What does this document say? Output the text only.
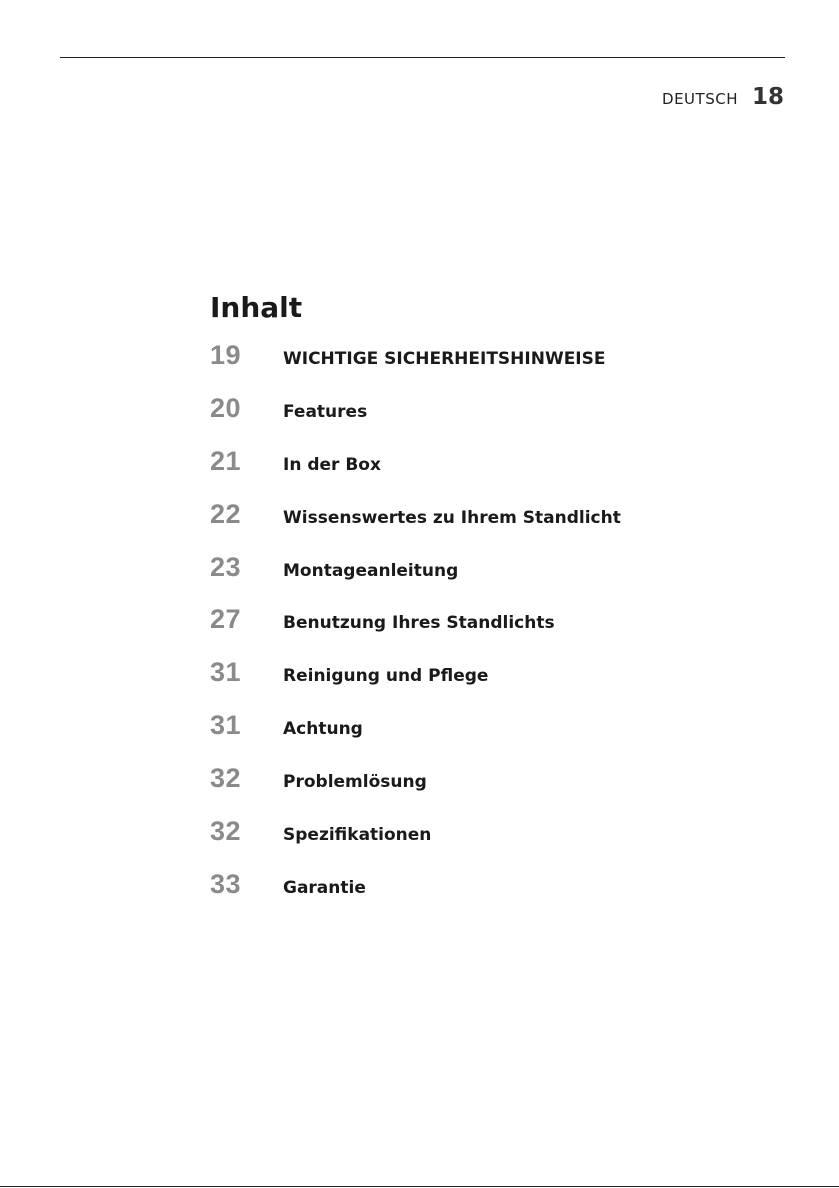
DEUTSCH 18
Inhalt
19	WICHTIGE SICHERHEITSHINWEISE
20	Features
21	In der Box
22	Wissenswertes zu Ihrem Standlicht
23	Montageanleitung
27	Benutzung Ihres Standlichts
31	Reinigung und Pflege
31	Achtung
32	Problemlösung
32	Spezifikationen
33	Garantie
